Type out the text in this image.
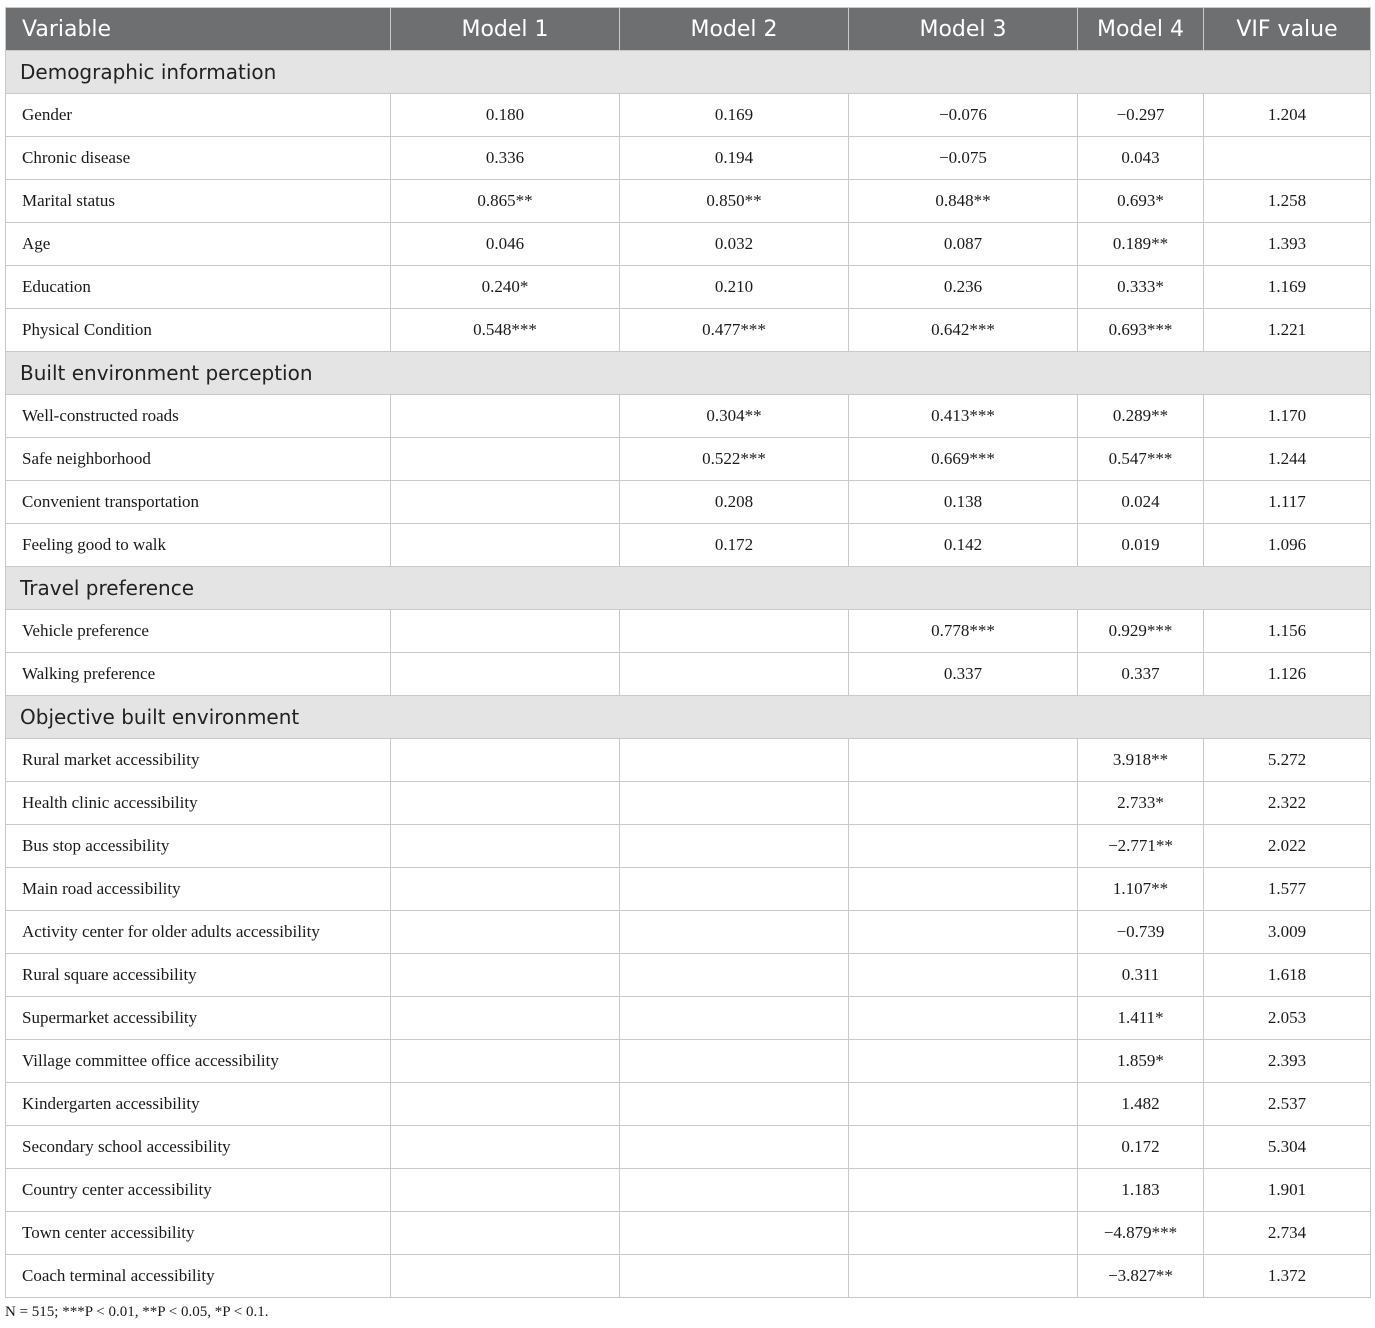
Variable	Model 1	Model 2	Model 3	Model 4	VIF value
Demographic information					
Gender	0.180	0.169	−0.076	−0.297	1.204
Chronic disease	0.336	0.194	−0.075	0.043	
Marital status	0.865**	0.850**	0.848**	0.693*	1.258
Age	0.046	0.032	0.087	0.189**	1.393
Education	0.240*	0.210	0.236	0.333*	1.169
Physical Condition	0.548***	0.477***	0.642***	0.693***	1.221
Built environment perception					
Well-constructed roads		0.304**	0.413***	0.289**	1.170
Safe neighborhood		0.522***	0.669***	0.547***	1.244
Convenient transportation		0.208	0.138	0.024	1.117
Feeling good to walk		0.172	0.142	0.019	1.096
Travel preference					
Vehicle preference			0.778***	0.929***	1.156
Walking preference			0.337	0.337	1.126
Objective built environment					
Rural market accessibility				3.918**	5.272
Health clinic accessibility				2.733*	2.322
Bus stop accessibility				−2.771**	2.022
Main road accessibility				1.107**	1.577
Activity center for older adults accessibility				−0.739	3.009
Rural square accessibility				0.311	1.618
Supermarket accessibility				1.411*	2.053
Village committee office accessibility				1.859*	2.393
Kindergarten accessibility				1.482	2.537
Secondary school accessibility				0.172	5.304
Country center accessibility				1.183	1.901
Town center accessibility				−4.879***	2.734
Coach terminal accessibility				−3.827**	1.372
N = 515; ***P < 0.01, **P < 0.05, *P < 0.1.
